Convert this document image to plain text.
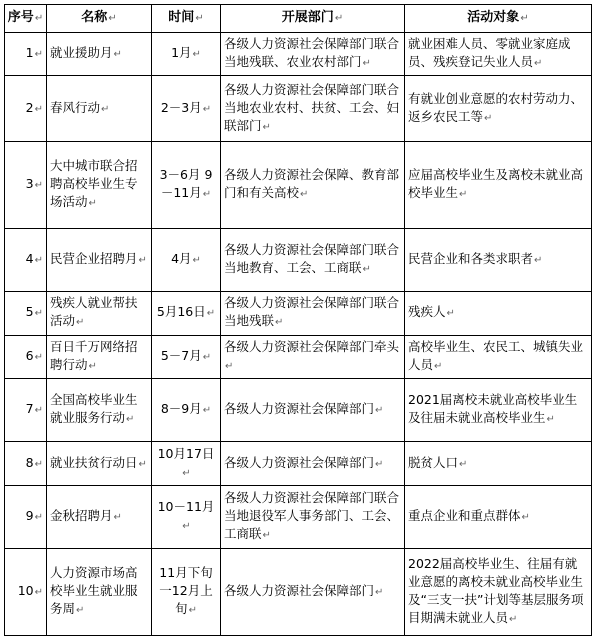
序号↵	名称↵	时间↵	开展部门↵	活动对象↵
1↵	就业援助月↵	1月↵	各级人力资源社会保障部门联合当地残联、农业农村部门↵	就业困难人员、零就业家庭成员、残疾登记失业人员↵
2↵	春风行动↵	2－3月↵	各级人力资源社会保障部门联合当地农业农村、扶贫、工会、妇联部门↵	有就业创业意愿的农村劳动力、返乡农民工等↵
3↵	大中城市联合招聘高校毕业生专场活动↵	3－6月 9－11月↵	各级人力资源社会保障、教育部门和有关高校↵	应届高校毕业生及离校未就业高校毕业生↵
4↵	民营企业招聘月↵	4月↵	各级人力资源社会保障部门联合当地教育、工会、工商联↵	民营企业和各类求职者↵
5↵	残疾人就业帮扶活动↵	5月16日↵	各级人力资源社会保障部门联合当地残联↵	残疾人↵
6↵	百日千万网络招聘行动↵	5－7月↵	各级人力资源社会保障部门牵头↵	高校毕业生、农民工、城镇失业人员↵
7↵	全国高校毕业生就业服务行动↵	8－9月↵	各级人力资源社会保障部门↵	2021届离校未就业高校毕业生及往届未就业高校毕业生↵
8↵	就业扶贫行动日↵	10月17日↵	各级人力资源社会保障部门↵	脱贫人口↵
9↵	金秋招聘月↵	10－11月↵	各级人力资源社会保障部门联合当地退役军人事务部门、工会、工商联↵	重点企业和重点群体↵
10↵	人力资源市场高校毕业生就业服务周↵	11月下旬 一12月上旬↵	各级人力资源社会保障部门↵	2022届高校毕业生、往届有就业意愿的离校未就业高校毕业生及“三支一扶”计划等基层服务项目期满未就业人员↵
